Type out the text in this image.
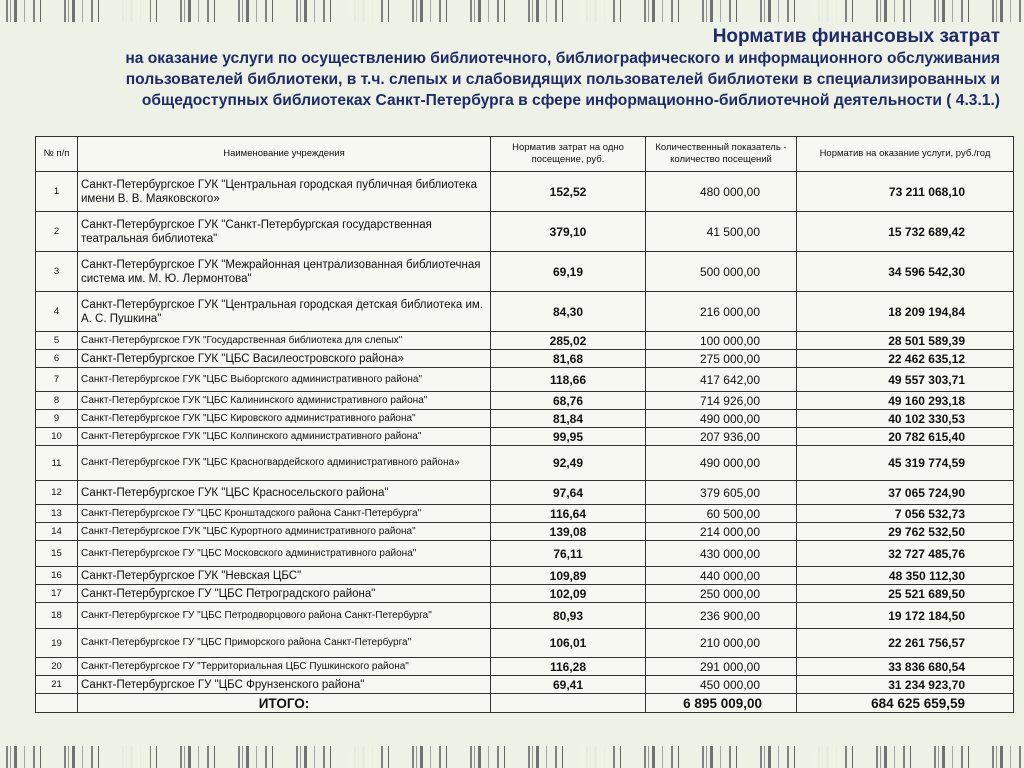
Норматив финансовых затрат
на оказание услуги по осуществлению библиотечного, библиографического и информационного обслуживания пользователей библиотеки, в т.ч. слепых и слабовидящих пользователей библиотеки в специализированных и общедоступных библиотеках Санкт-Петербурга в сфере информационно-библиотечной деятельности ( 4.3.1.)
№ п/п	Наименование учреждения	Норматив затрат на одно посещение, руб.	Количественный показатель - количество посещений	Норматив на оказание услуги, руб./год
1	Санкт-Петербургское ГУК "Центральная городская публичная библиотека имени В. В. Маяковского»	152,52	480 000,00	73 211 068,10
2	Санкт-Петербургское ГУК "Санкт-Петербургская государственная театральная библиотека"	379,10	41 500,00	15 732 689,42
3	Санкт-Петербургское ГУК "Межрайонная централизованная библиотечная система им. М. Ю. Лермонтова"	69,19	500 000,00	34 596 542,30
4	Санкт-Петербургское ГУК "Центральная городская детская библиотека им. А. С. Пушкина"	84,30	216 000,00	18 209 194,84
5	Санкт-Петербургское ГУК "Государственная библиотека для слепых"	285,02	100 000,00	28 501 589,39
6	Санкт-Петербургское ГУК "ЦБС Василеостровского района»	81,68	275 000,00	22 462 635,12
7	Санкт-Петербургское ГУК "ЦБС Выборгского административного района"	118,66	417 642,00	49 557 303,71
8	Санкт-Петербургское ГУК "ЦБС Калининского административного района"	68,76	714 926,00	49 160 293,18
9	Санкт-Петербургское ГУК "ЦБС Кировского административного района"	81,84	490 000,00	40 102 330,53
10	Санкт-Петербургское ГУК "ЦБС Колпинского административного района"	99,95	207 936,00	20 782 615,40
11	Санкт-Петербургское ГУК "ЦБС Красногвардейского административного района»	92,49	490 000,00	45 319 774,59
12	Санкт-Петербургское ГУК "ЦБС Красносельского района"	97,64	379 605,00	37 065 724,90
13	Санкт-Петербургское ГУ "ЦБС Кронштадского района Санкт-Петербурга"	116,64	60 500,00	7 056 532,73
14	Санкт-Петербургское ГУК "ЦБС Курортного административного района"	139,08	214 000,00	29 762 532,50
15	Санкт-Петербургское ГУ "ЦБС Московского административного района"	76,11	430 000,00	32 727 485,76
16	Санкт-Петербургское ГУК "Невская ЦБС"	109,89	440 000,00	48 350 112,30
17	Санкт-Петербургское ГУ "ЦБС Петроградского района"	102,09	250 000,00	25 521 689,50
18	Санкт-Петербургское ГУ "ЦБС Петродворцового района Санкт-Петербурга"	80,93	236 900,00	19 172 184,50
19	Санкт-Петербургское ГУ "ЦБС Приморского района Санкт-Петербурга"	106,01	210 000,00	22 261 756,57
20	Санкт-Петербургское ГУ "Территориальная ЦБС Пушкинского района"	116,28	291 000,00	33 836 680,54
21	Санкт-Петербургское ГУ "ЦБС Фрунзенского района"	69,41	450 000,00	31 234 923,70
	ИТОГО:		6 895 009,00	684 625 659,59
